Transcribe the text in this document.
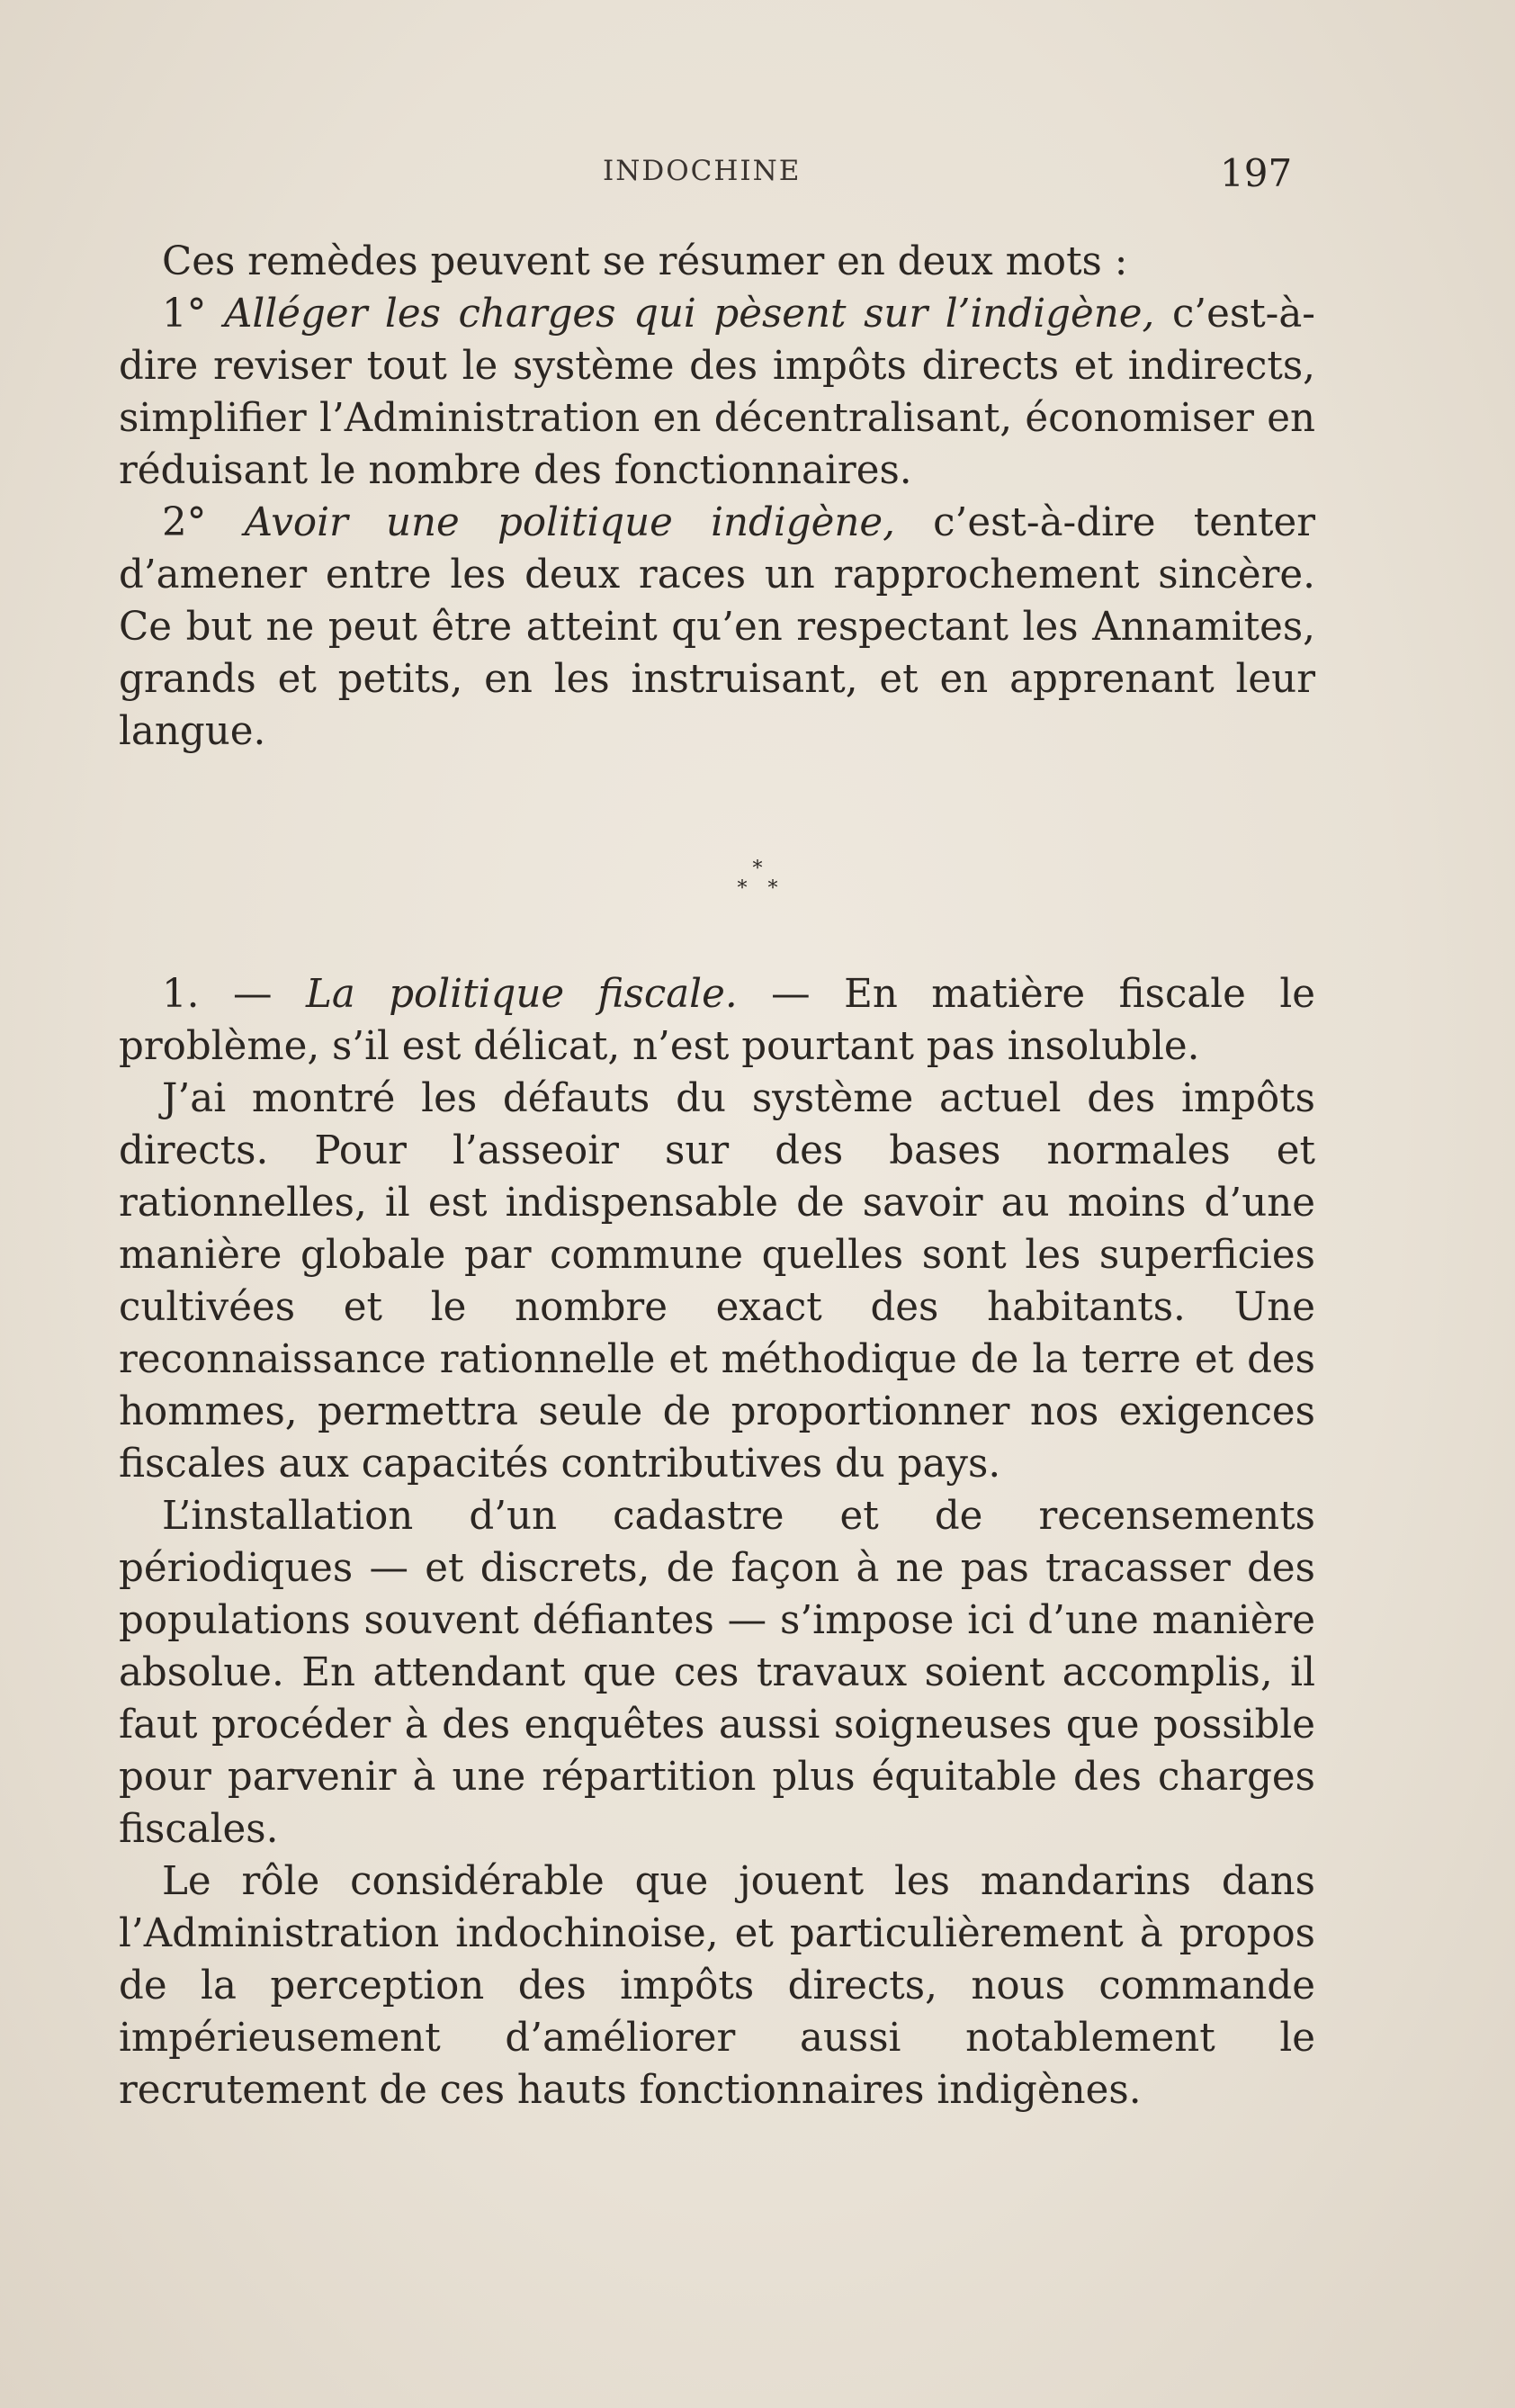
INDOCHINE	197

Ces remèdes peuvent se résumer en deux mots :

1° Alléger les charges qui pèsent sur l’indigène, c’est-à-dire reviser tout le système des impôts directs et indirects, simplifier l’Administration en décentralisant, économiser en réduisant le nombre des fonctionnaires.

2° Avoir une politique indigène, c’est-à-dire tenter d’amener entre les deux races un rapprochement sincère. Ce but ne peut être atteint qu’en respectant les Annamites, grands et petits, en les instruisant, et en apprenant leur langue.

*
* *

1. — La politique fiscale. — En matière fiscale le problème, s’il est délicat, n’est pourtant pas insoluble.

J’ai montré les défauts du système actuel des impôts directs. Pour l’asseoir sur des bases normales et rationnelles, il est indispensable de savoir au moins d’une manière globale par commune quelles sont les superficies cultivées et le nombre exact des habitants. Une reconnaissance rationnelle et méthodique de la terre et des hommes, permettra seule de proportionner nos exigences fiscales aux capacités contributives du pays.

L’installation d’un cadastre et de recensements périodiques — et discrets, de façon à ne pas tracasser des populations souvent défiantes — s’impose ici d’une manière absolue. En attendant que ces travaux soient accomplis, il faut procéder à des enquêtes aussi soigneuses que possible pour parvenir à une répartition plus équitable des charges fiscales.

Le rôle considérable que jouent les mandarins dans l’Administration indochinoise, et particulièrement à propos de la perception des impôts directs, nous commande impérieusement d’améliorer aussi notablement le recrutement de ces hauts fonctionnaires indigènes.
